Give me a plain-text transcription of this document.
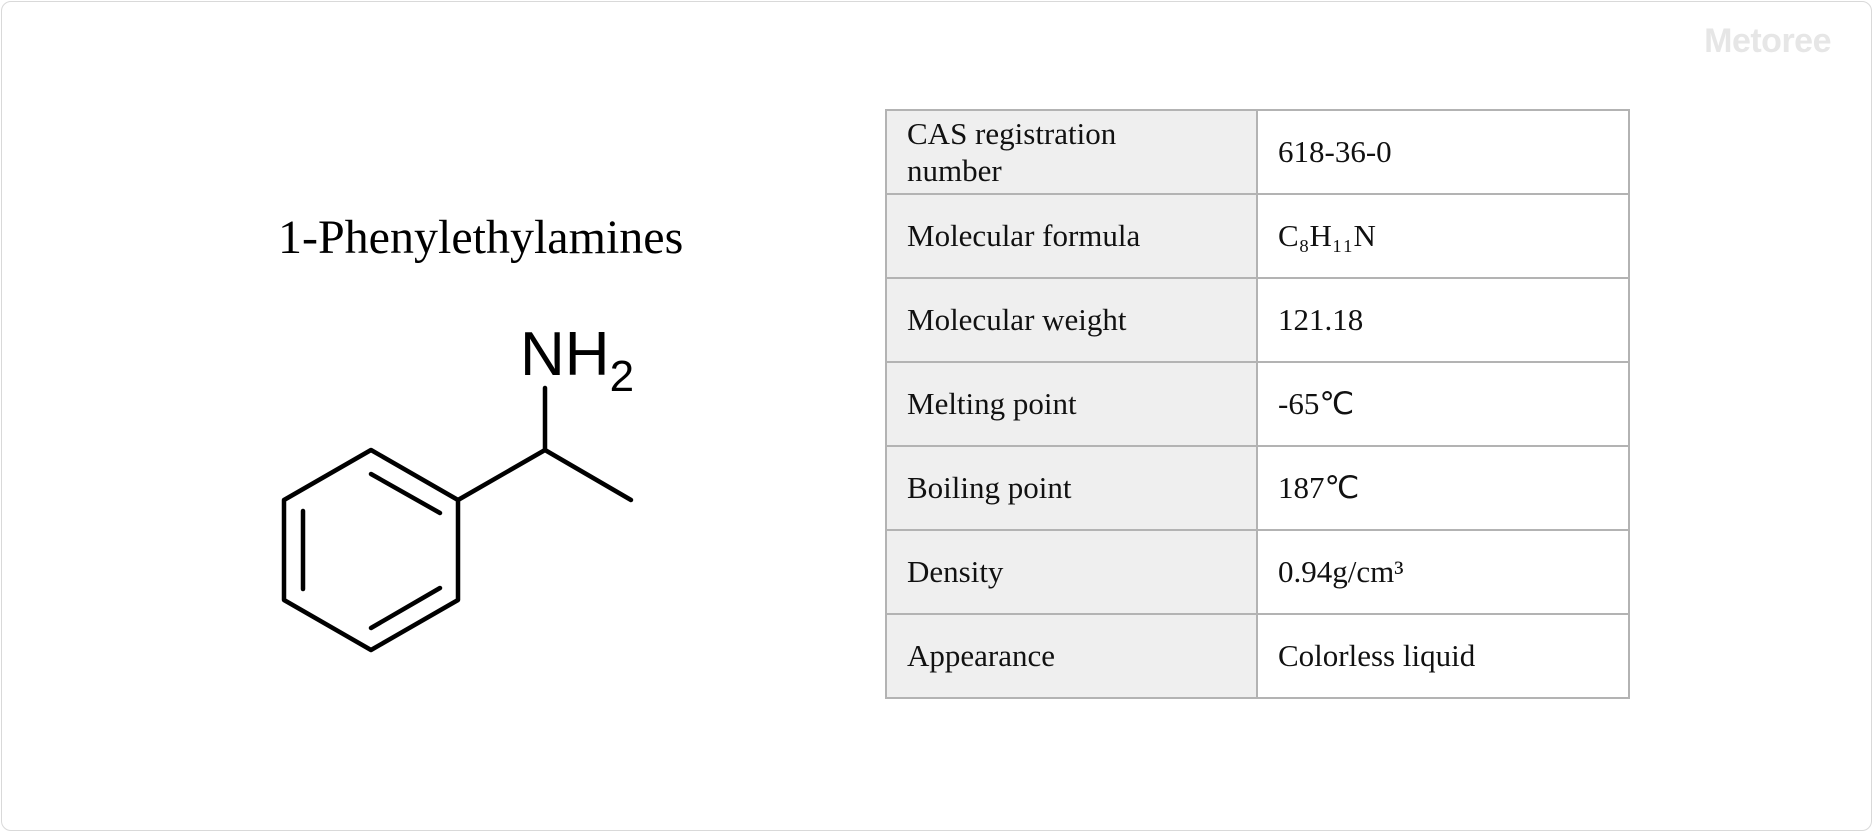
Metoree
1-Phenylethylamines
$NH_2$
CAS registration number	618-36-0
Molecular formula	C₈H₁₁N
Molecular weight	121.18
Melting point	-65℃
Boiling point	187℃
Density	0.94g/cm³
Appearance	Colorless liquid
